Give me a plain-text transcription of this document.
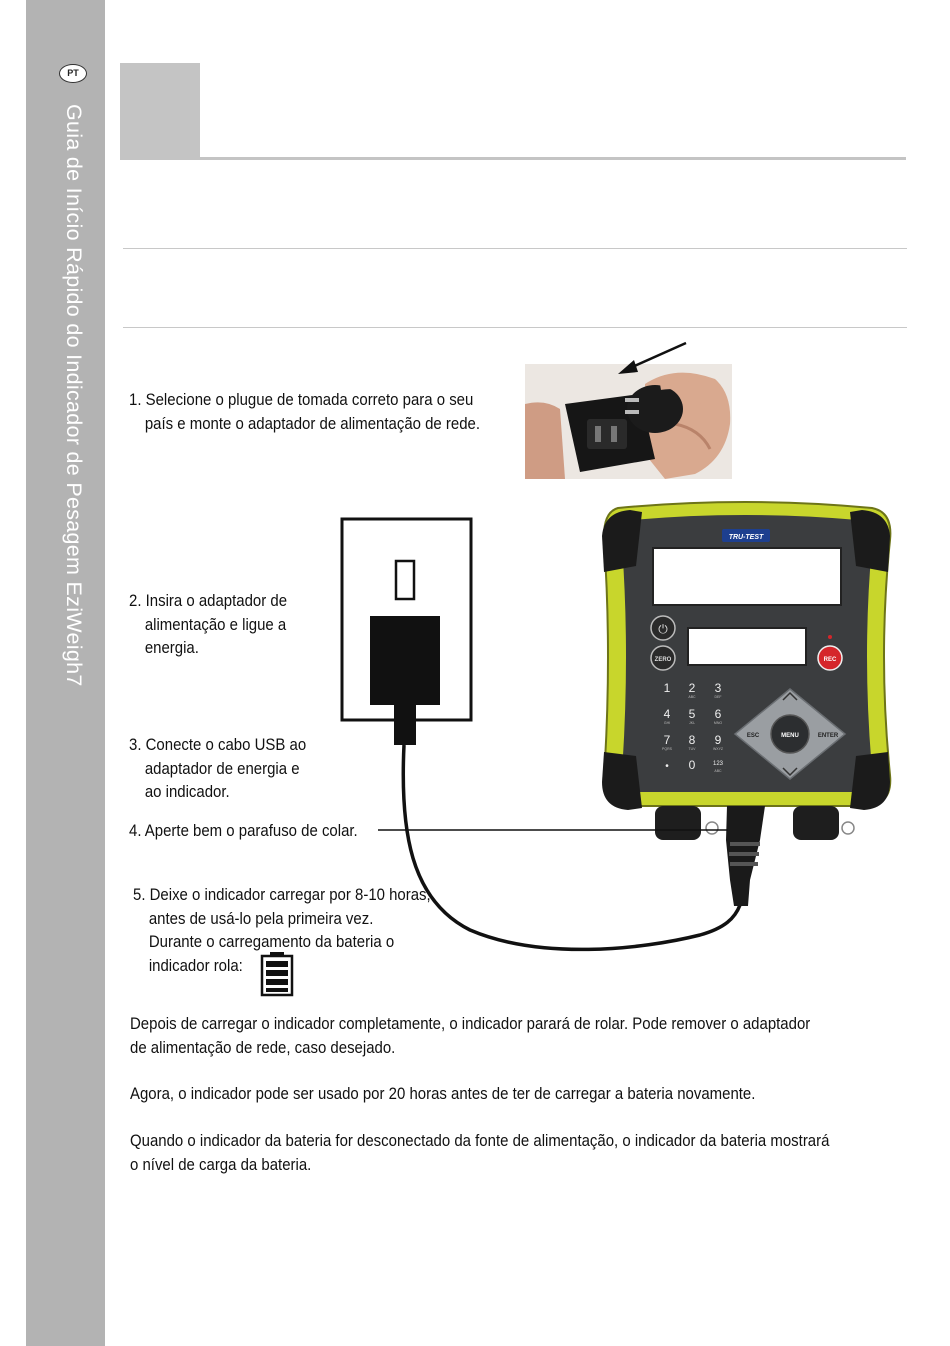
PT
Guia de Início Rápido do Indicador de Pesagem EziWeigh7	1. Selecione o plugue de tomada correto para o seu
país e monte o adaptador de alimentação de rede.
2. Insira o adaptador de
alimentação e ligue a
energia.
3. Conecte o cabo USB ao
adaptador de energia e
ao indicador.
4. Aperte bem o parafuso de colar.
5. Deixe o indicador carregar por 8-10 horas,
antes de usá-lo pela primeira vez.
Durante o carregamento da bateria o
indicador rola:
Depois de carregar o indicador completamente, o indicador parará de rolar. Pode remover o adaptador
de alimentação de rede, caso desejado.
Agora, o indicador pode ser usado por 20 horas antes de ter de carregar a bateria novamente.
Quando o indicador da bateria for desconectado da fonte de alimentação, o indicador da bateria mostrará
o nível de carga da bateria.
TRU-TEST
⏻
ZERO	REC
ESC	MENU	ENTER
1 2 3
4 5 6
7 8 9
• 0	123
ABC	DEF
GHI	JKL	MNO
PQRS	TUV	WXYZ
ABC
